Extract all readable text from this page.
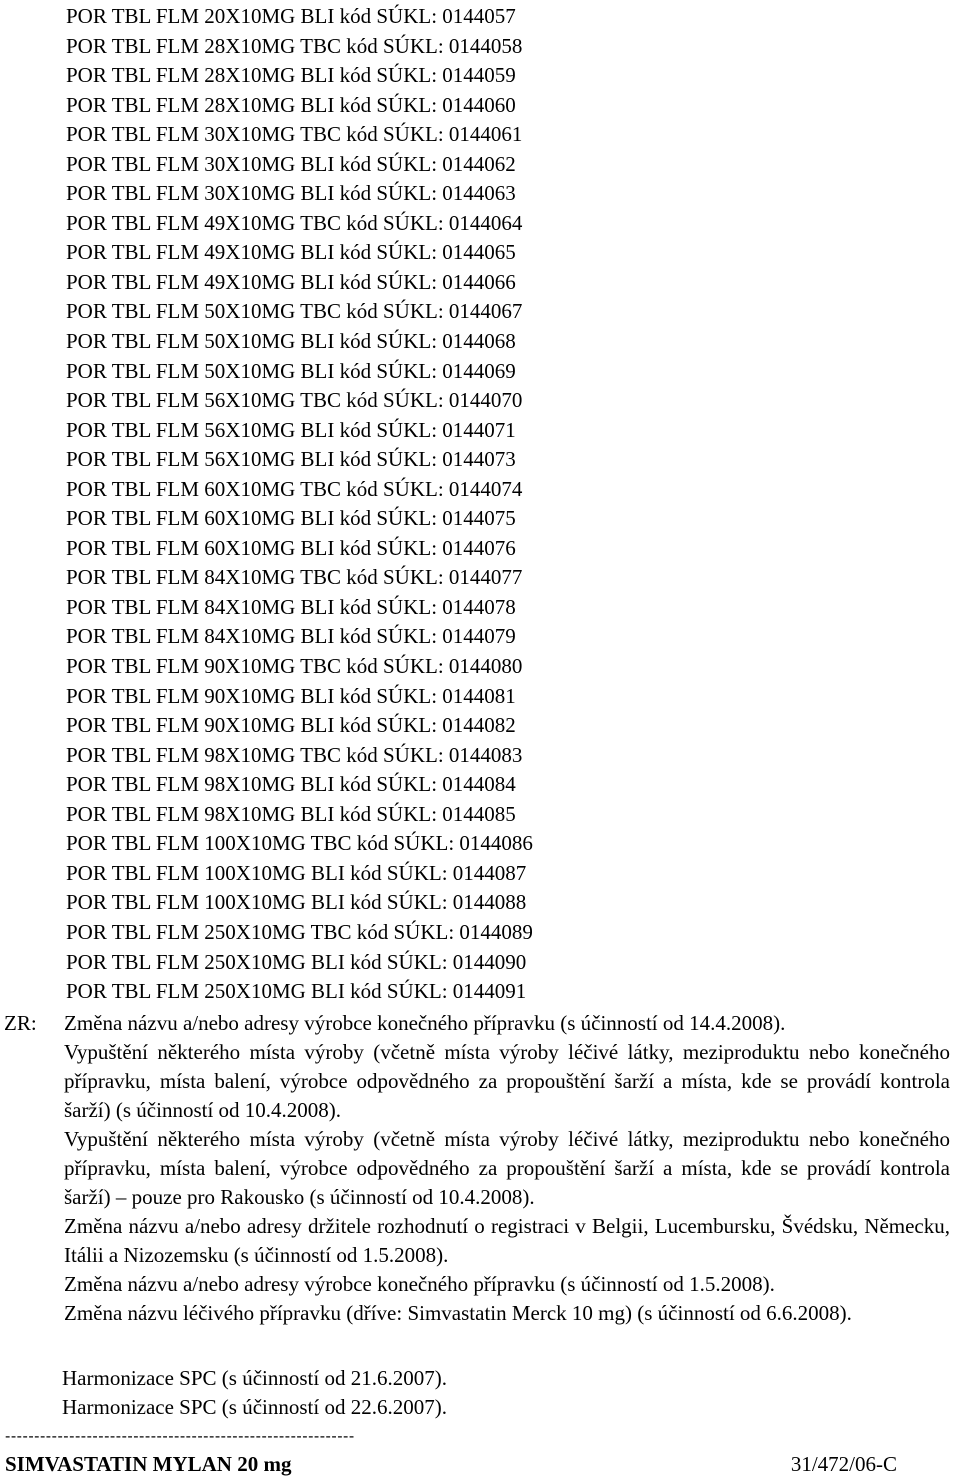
POR TBL FLM 20X10MG BLI kód SÚKL: 0144057
POR TBL FLM 28X10MG TBC kód SÚKL: 0144058
POR TBL FLM 28X10MG BLI kód SÚKL: 0144059
POR TBL FLM 28X10MG BLI kód SÚKL: 0144060
POR TBL FLM 30X10MG TBC kód SÚKL: 0144061
POR TBL FLM 30X10MG BLI kód SÚKL: 0144062
POR TBL FLM 30X10MG BLI kód SÚKL: 0144063
POR TBL FLM 49X10MG TBC kód SÚKL: 0144064
POR TBL FLM 49X10MG BLI kód SÚKL: 0144065
POR TBL FLM 49X10MG BLI kód SÚKL: 0144066
POR TBL FLM 50X10MG TBC kód SÚKL: 0144067
POR TBL FLM 50X10MG BLI kód SÚKL: 0144068
POR TBL FLM 50X10MG BLI kód SÚKL: 0144069
POR TBL FLM 56X10MG TBC kód SÚKL: 0144070
POR TBL FLM 56X10MG BLI kód SÚKL: 0144071
POR TBL FLM 56X10MG BLI kód SÚKL: 0144073
POR TBL FLM 60X10MG TBC kód SÚKL: 0144074
POR TBL FLM 60X10MG BLI kód SÚKL: 0144075
POR TBL FLM 60X10MG BLI kód SÚKL: 0144076
POR TBL FLM 84X10MG TBC kód SÚKL: 0144077
POR TBL FLM 84X10MG BLI kód SÚKL: 0144078
POR TBL FLM 84X10MG BLI kód SÚKL: 0144079
POR TBL FLM 90X10MG TBC kód SÚKL: 0144080
POR TBL FLM 90X10MG BLI kód SÚKL: 0144081
POR TBL FLM 90X10MG BLI kód SÚKL: 0144082
POR TBL FLM 98X10MG TBC kód SÚKL: 0144083
POR TBL FLM 98X10MG BLI kód SÚKL: 0144084
POR TBL FLM 98X10MG BLI kód SÚKL: 0144085
POR TBL FLM 100X10MG TBC kód SÚKL: 0144086
POR TBL FLM 100X10MG BLI kód SÚKL: 0144087
POR TBL FLM 100X10MG BLI kód SÚKL: 0144088
POR TBL FLM 250X10MG TBC kód SÚKL: 0144089
POR TBL FLM 250X10MG BLI kód SÚKL: 0144090
POR TBL FLM 250X10MG BLI kód SÚKL: 0144091
ZR: Změna názvu a/nebo adresy výrobce konečného přípravku (s účinností od 14.4.2008).

Vypuštění některého místa výroby (včetně místa výroby léčivé látky, meziproduktu nebo konečného přípravku, místa balení, výrobce odpovědného za propouštění šarží a místa, kde se provádí kontrola šarží) (s účinností od 10.4.2008).

Vypuštění některého místa výroby (včetně místa výroby léčivé látky, meziproduktu nebo konečného přípravku, místa balení, výrobce odpovědného za propouštění šarží a místa, kde se provádí kontrola šarží) – pouze pro Rakousko (s účinností od 10.4.2008).

Změna názvu a/nebo adresy držitele rozhodnutí o registraci v Belgii, Lucembursku, Švédsku, Německu, Itálii a Nizozemsku (s účinností od 1.5.2008).

Změna názvu a/nebo adresy výrobce konečného přípravku (s účinností od 1.5.2008).

Změna názvu léčivého přípravku (dříve: Simvastatin Merck 10 mg) (s účinností od 6.6.2008).

Harmonizace SPC (s účinností od 21.6.2007).
Harmonizace SPC (s účinností od 22.6.2007).
------------------------------------------------------------
SIMVASTATIN MYLAN 20 mg	31/472/06-C
